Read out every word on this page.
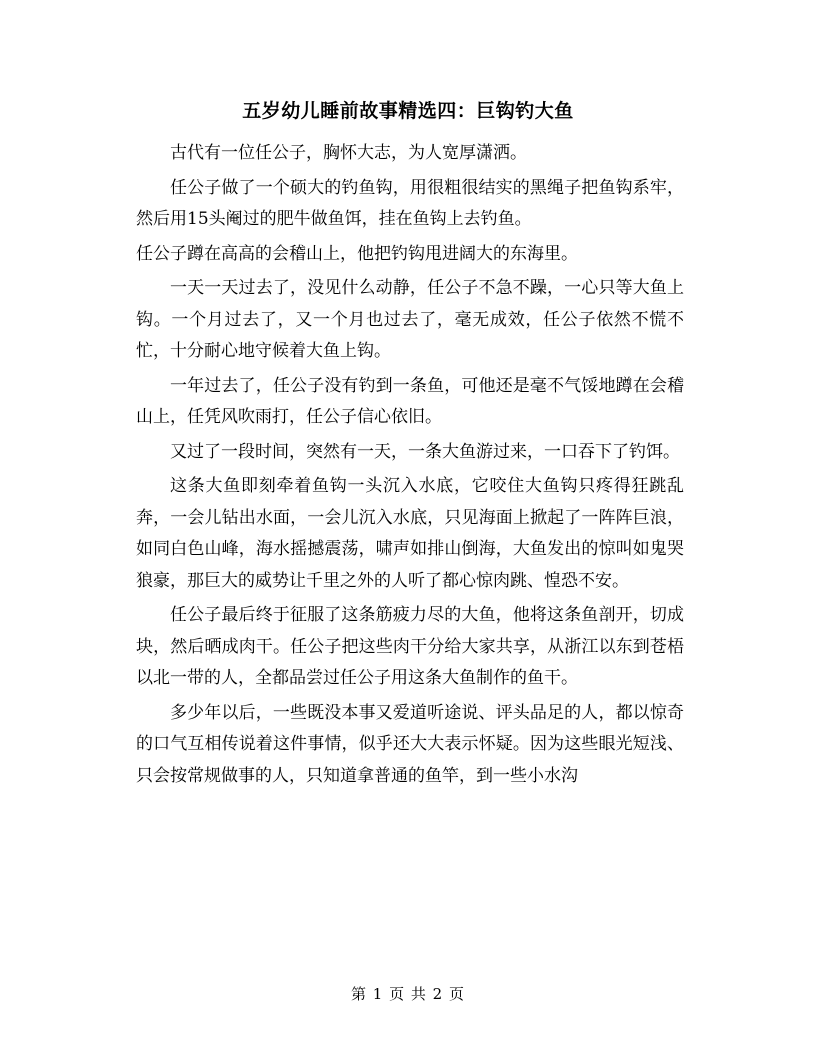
五岁幼儿睡前故事精选四：巨钩钓大鱼

古代有一位任公子，胸怀大志，为人宽厚潇洒。

任公子做了一个硕大的钓鱼钩，用很粗很结实的黑绳子把鱼钩系牢，然后用15头阉过的肥牛做鱼饵，挂在鱼钩上去钓鱼。

任公子蹲在高高的会稽山上，他把钓钩甩进阔大的东海里。

一天一天过去了，没见什么动静，任公子不急不躁，一心只等大鱼上钩。一个月过去了，又一个月也过去了，毫无成效，任公子依然不慌不忙，十分耐心地守候着大鱼上钩。

一年过去了，任公子没有钓到一条鱼，可他还是毫不气馁地蹲在会稽山上，任凭风吹雨打，任公子信心依旧。

又过了一段时间，突然有一天，一条大鱼游过来，一口吞下了钓饵。

这条大鱼即刻牵着鱼钩一头沉入水底，它咬住大鱼钩只疼得狂跳乱奔，一会儿钻出水面，一会儿沉入水底，只见海面上掀起了一阵阵巨浪，如同白色山峰，海水摇撼震荡，啸声如排山倒海，大鱼发出的惊叫如鬼哭狼豪，那巨大的威势让千里之外的人听了都心惊肉跳、惶恐不安。

任公子最后终于征服了这条筋疲力尽的大鱼，他将这条鱼剖开，切成块，然后晒成肉干。任公子把这些肉干分给大家共享，从浙江以东到苍梧以北一带的人，全都品尝过任公子用这条大鱼制作的鱼干。

多少年以后，一些既没本事又爱道听途说、评头品足的人，都以惊奇的口气互相传说着这件事情，似乎还大大表示怀疑。因为这些眼光短浅、只会按常规做事的人，只知道拿普通的鱼竿，到一些小水沟

第 1 页 共 2 页
